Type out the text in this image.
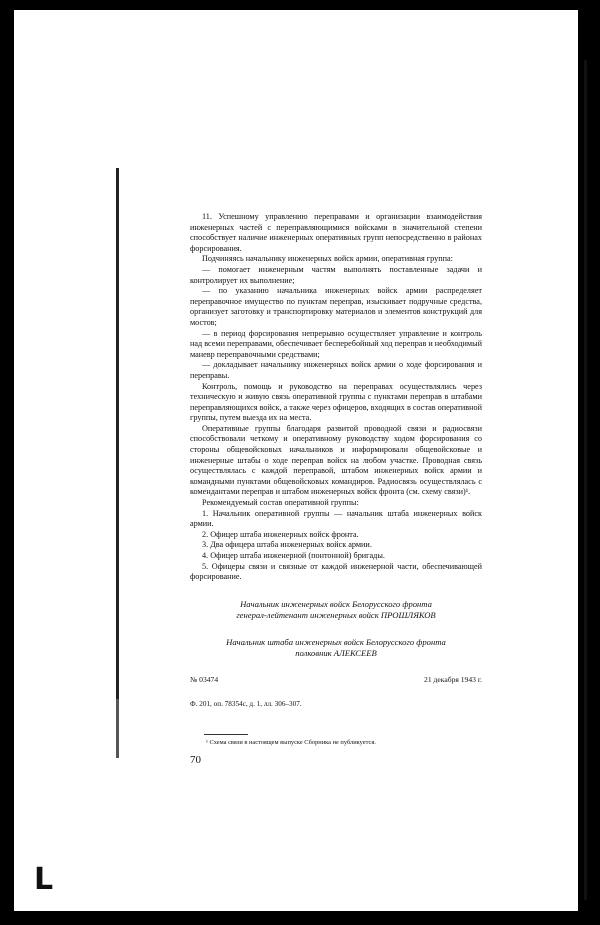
L

11. Успешному управлению переправами и организации взаимодействия инженерных частей с переправляющимися войсками в значительной степени способствует наличие инженерных оперативных групп непосредственно в районах форсирования.

Подчиняясь начальнику инженерных войск армии, оперативная группа:

— помогает инженерным частям выполнять поставленные задачи и контролирует их выполнение;

— по указанию начальника инженерных войск армии распределяет переправочное имущество по пунктам переправ, изыскивает подручные средства, организует заготовку и транспортировку материалов и элементов конструкций для мостов;

— в период форсирования непрерывно осуществляет управление и контроль над всеми переправами, обеспечивает бесперебойный ход переправ и необходимый маневр переправочными средствами;

— докладывает начальнику инженерных войск армии о ходе форсирования и переправы.

Контроль, помощь и руководство на переправах осуществлялись через техническую и живую связь оперативной группы с пунктами переправ в штабами переправляющихся войск, а также через офицеров, входящих в состав оперативной группы, путем выезда их на места.

Оперативные группы благодаря развитой проводной связи и радиосвязи способствовали четкому и оперативному руководству ходом форсирования со стороны общевойсковых начальников и информировали общевойсковые и инженерные штабы о ходе переправ войск на любом участке. Проводная связь осуществлялась с каждой переправой, штабом инженерных войск армии и командными пунктами общевойсковых командиров. Радиосвязь осуществлялась с комендантами переправ и штабом инженерных войск фронта (см. схему связи)¹.

Рекомендуемый состав оперативной группы:

1. Начальник оперативной группы — начальник штаба инженерных войск армии.
2. Офицер штаба инженерных войск фронта.
3. Два офицера штаба инженерных войск армии.
4. Офицер штаба инженерной (понтонной) бригады.
5. Офицеры связи и связные от каждой инженерной части, обеспечивающей форсирование.
Начальник инженерных войск Белорусского фронта
генерал-лейтенант инженерных войск ПРОШЛЯКОВ
Начальник штаба инженерных войск Белорусского фронта
полковник АЛЕКСЕЕВ
№ 03474	21 декабря 1943 г.
Ф. 201, оп. 78354с, д. 1, лл. 306–307.
¹ Схема связи в настоящем выпуске Сборника не публикуется.
70
